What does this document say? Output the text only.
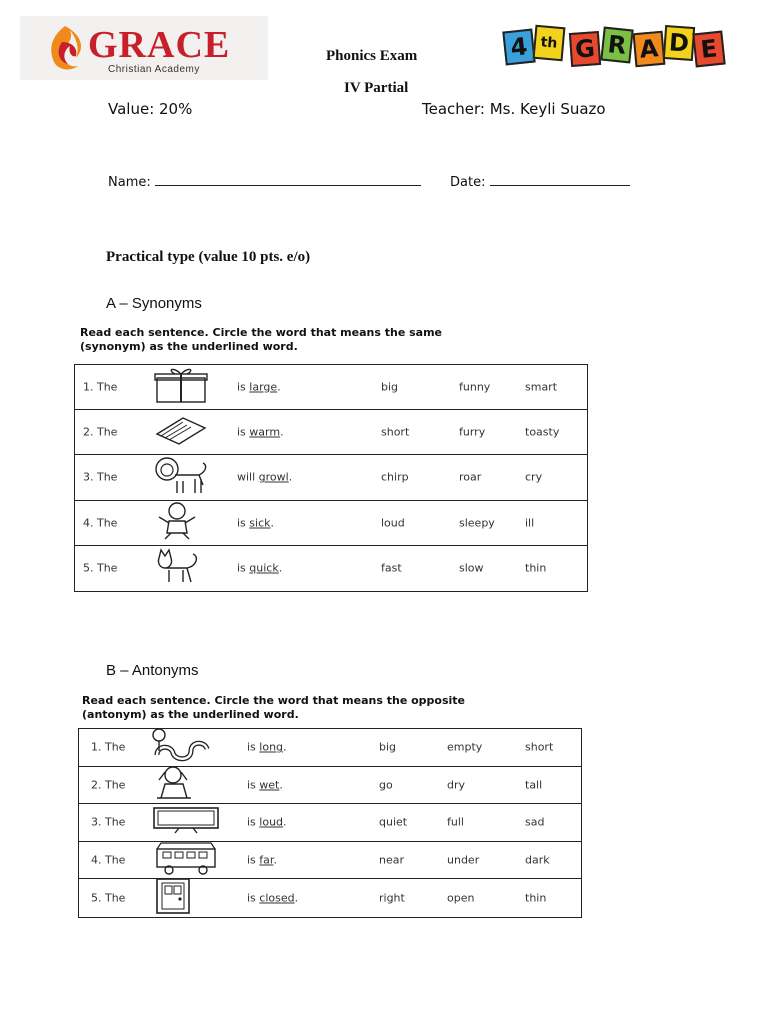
GRACE
Christian Academy
Phonics Exam
IV Partial
4 th G R A D E
Value: 20%	Teacher: Ms. Keyli Suazo
Name:	Date:
Practical type (value 10 pts. e/o)
A – Synonyms
Read each sentence. Circle the word that means the same
(synonym) as the underlined word.
1. The	is large.	big	funny	smart
2. The	is warm.	short	furry	toasty
3. The	will growl.	chirp	roar	cry
4. The	is sick.	loud	sleepy	ill
5. The	is quick.	fast	slow	thin
B – Antonyms
Read each sentence. Circle the word that means the opposite
(antonym) as the underlined word.
1. The	is long.	big	empty	short
2. The	is wet.	go	dry	tall
3. The	is loud.	quiet	full	sad
4. The	is far.	near	under	dark
5. The	is closed.	right	open	thin
